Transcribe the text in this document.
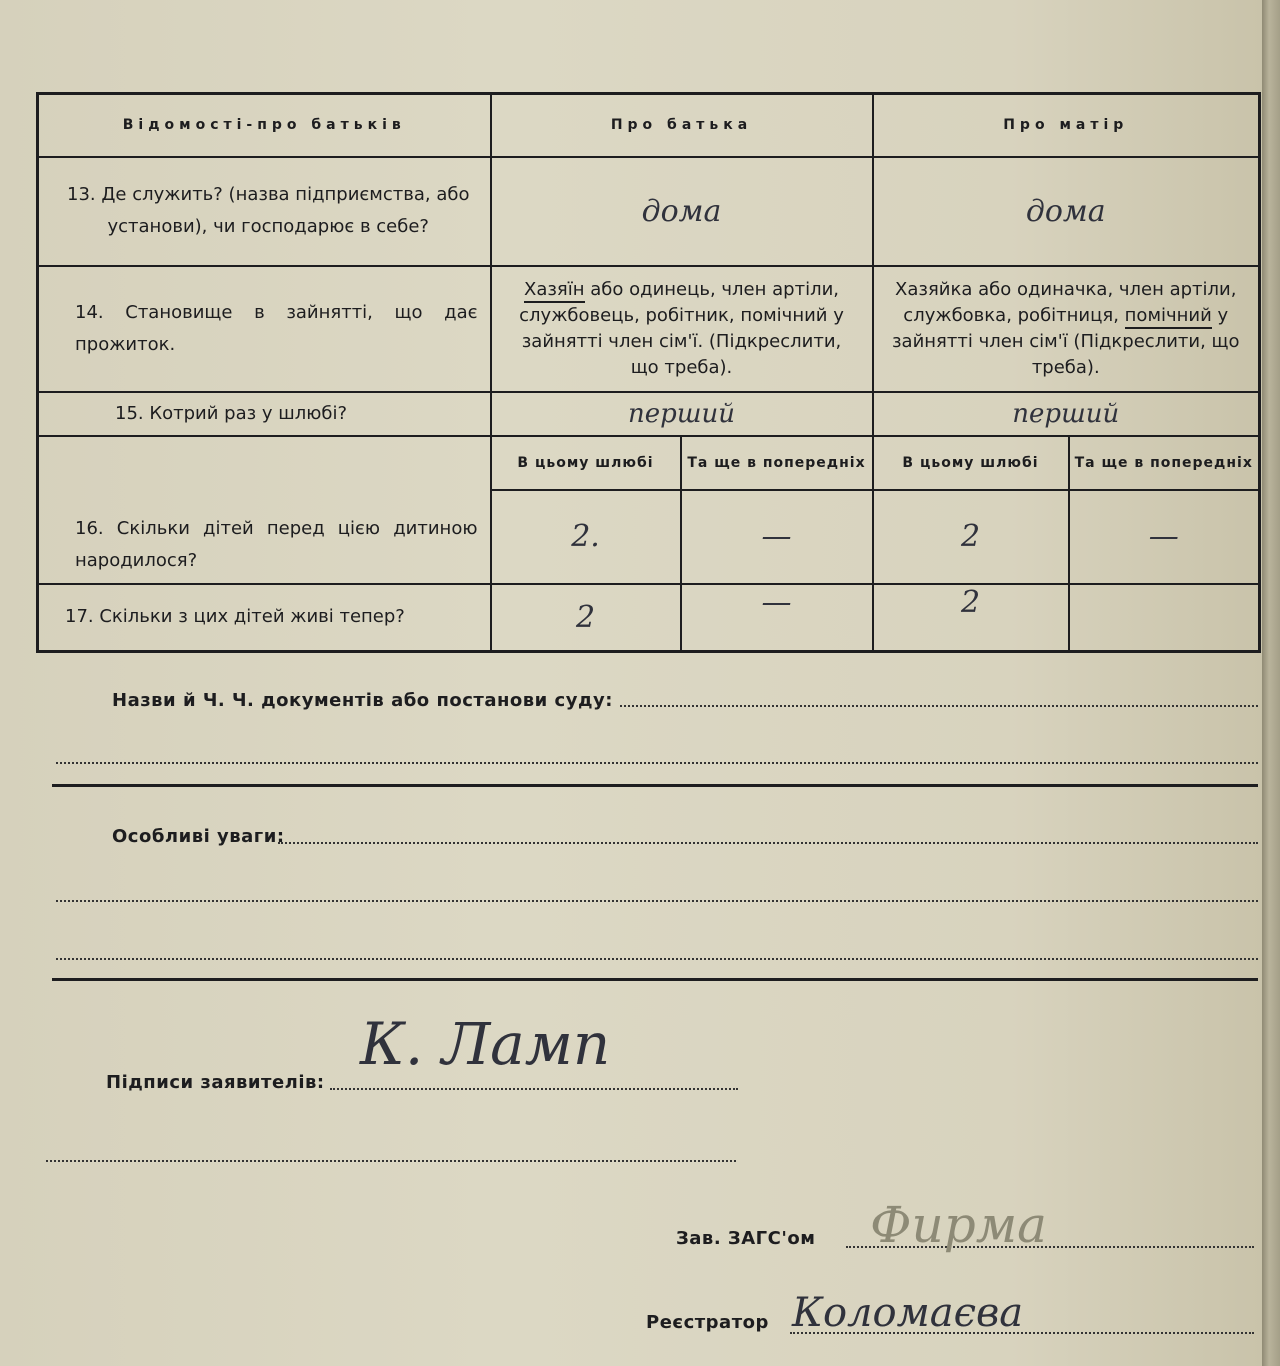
Відомості-про батьків	Про батька		Про матір	
13. Де служить? (назва підприємства, або установи), чи господарює в себе?	дома		дома	
14. Становище в зайнятті, що дає прожиток.	Хазяїн або одинець, член артіли, службовець, робітник, помічний у зайнятті член сім'ї. (Підкреслити, що треба).		Хазяйка або одиначка, член артіли, службовка, робітниця, помічний у зайнятті член сім'ї (Підкреслити, що треба).	
15. Котрий раз у шлюбі?	перший		перший	
16. Скільки дітей перед цією дитиною народилося?	В цьому шлюбі	Та ще в попередніх	В цьому шлюбі	Та ще в попередніх
	2.	—	2	—
17. Скільки з цих дітей живі тепер?	2	—	2	
Назви й Ч. Ч. документів або постанови суду:
Особливі уваги:
Підписи заявителів:
К. Ламп
Зав. ЗАГС'ом Фирма
Реєстратор Коломаєва
